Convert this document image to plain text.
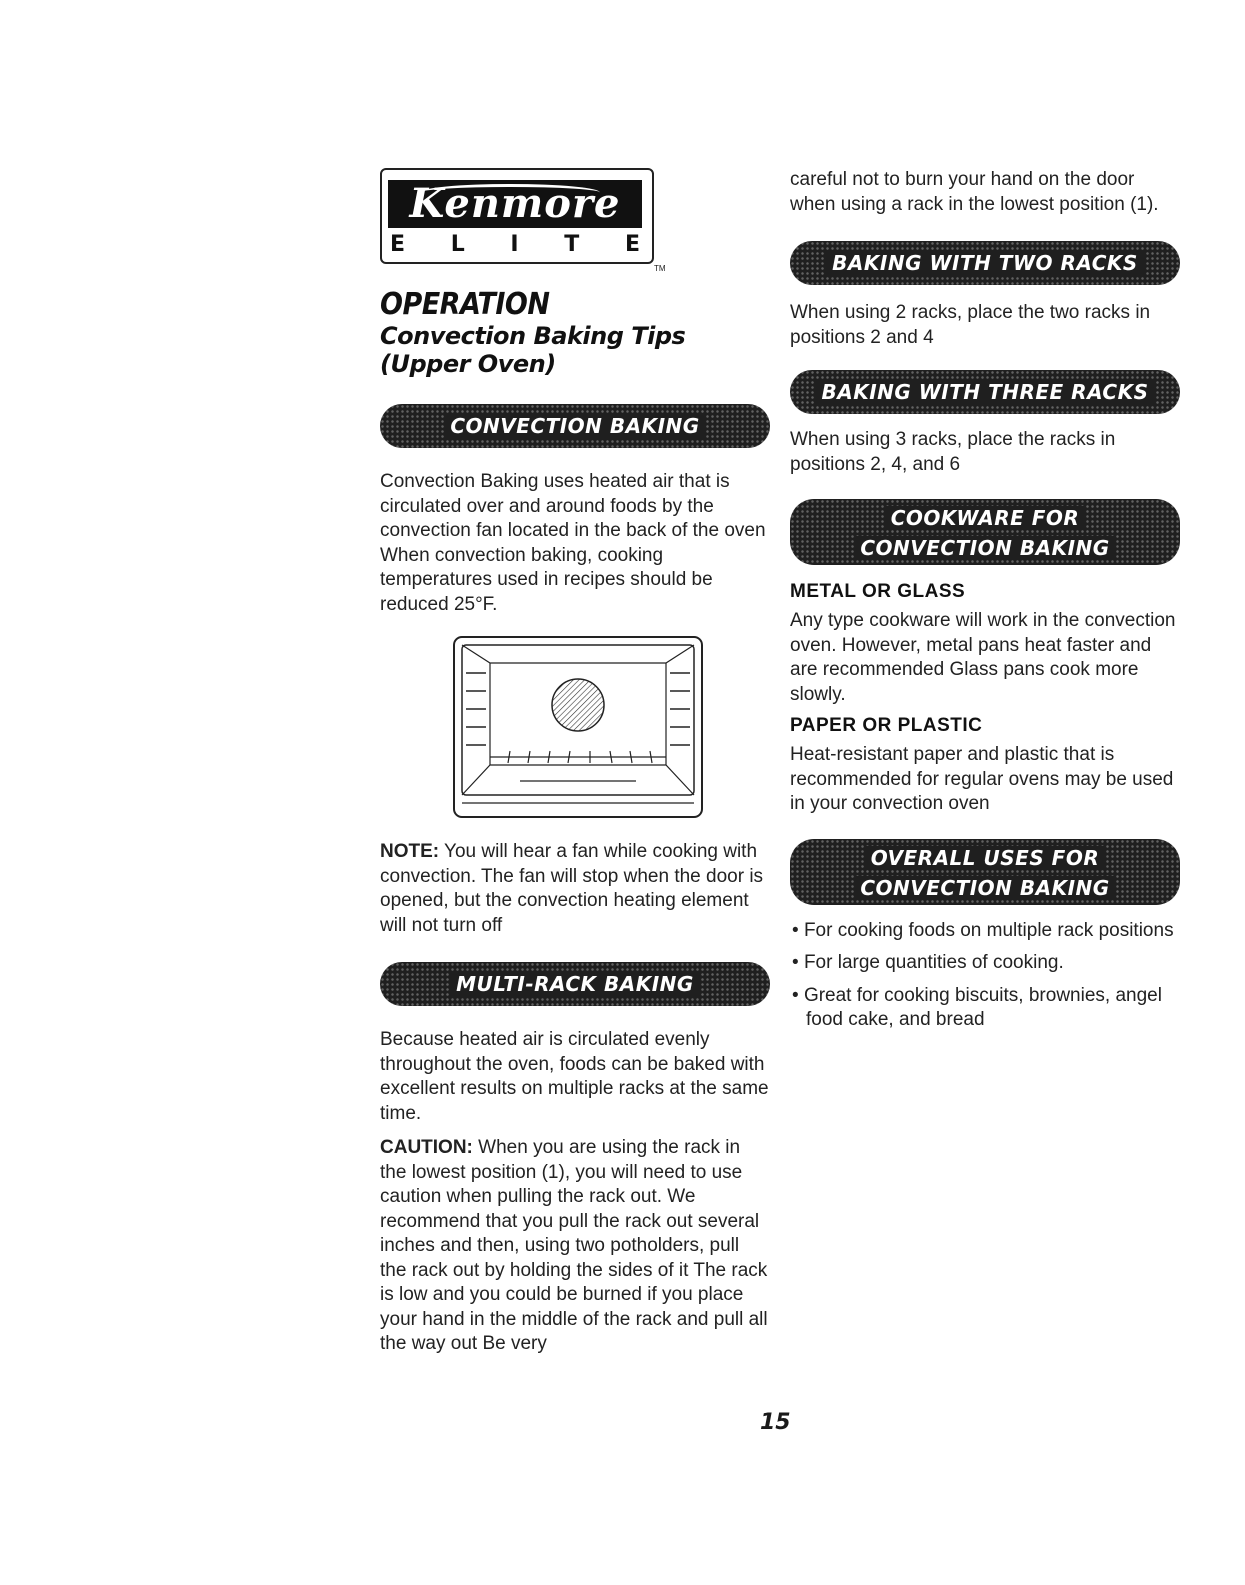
Kenmore
E L I T E
TM
OPERATION
Convection Baking Tips
(Upper Oven)
CONVECTION BAKING

Convection Baking uses heated air that is circulated over and around foods by the convection fan located in the back of the oven When convection baking, cooking temperatures used in recipes should be reduced 25°F.

NOTE: You will hear a fan while cooking with convection. The fan will stop when the door is opened, but the convection heating element will not turn off

MULTI-RACK BAKING

Because heated air is circulated evenly throughout the oven, foods can be baked with excellent results on multiple racks at the same time.

CAUTION: When you are using the rack in the lowest position (1), you will need to use caution when pulling the rack out. We recommend that you pull the rack out several inches and then, using two potholders, pull the rack out by holding the sides of it The rack is low and you could be burned if you place your hand in the middle of the rack and pull all the way out Be very

careful not to burn your hand on the door when using a rack in the lowest position (1).

BAKING WITH TWO RACKS

When using 2 racks, place the two racks in positions 2 and 4

BAKING WITH THREE RACKS

When using 3 racks, place the racks in positions 2, 4, and 6

COOKWARE FOR
CONVECTION BAKING

METAL OR GLASS

Any type cookware will work in the convection oven. However, metal pans heat faster and are recommended Glass pans cook more slowly.

PAPER OR PLASTIC

Heat-resistant paper and plastic that is recommended for regular ovens may be used in your convection oven

OVERALL USES FOR
CONVECTION BAKING

• For cooking foods on multiple rack positions

• For large quantities of cooking.

• Great for cooking biscuits, brownies, angel food cake, and bread

15
